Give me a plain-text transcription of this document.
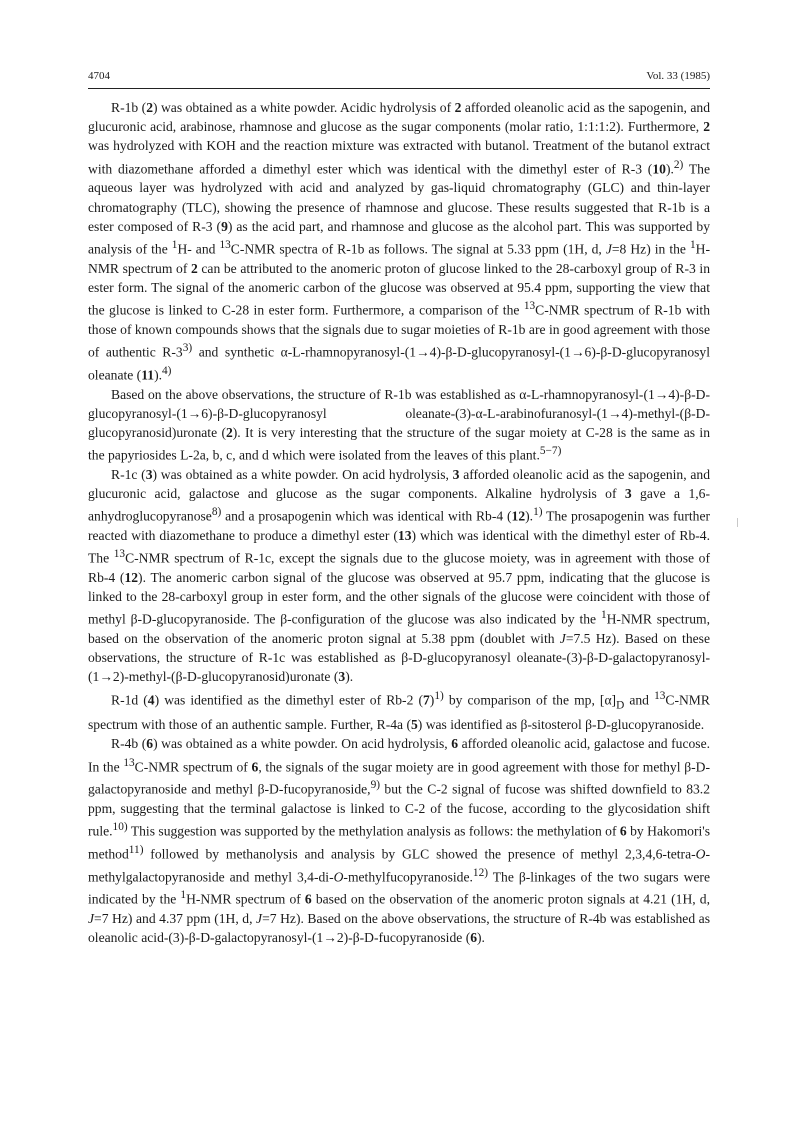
4704	Vol. 33 (1985)

R-1b (2) was obtained as a white powder. Acidic hydrolysis of 2 afforded oleanolic acid as the sapogenin, and glucuronic acid, arabinose, rhamnose and glucose as the sugar components (molar ratio, 1:1:1:2). Furthermore, 2 was hydrolyzed with KOH and the reaction mixture was extracted with butanol. Treatment of the butanol extract with diazomethane afforded a dimethyl ester which was identical with the dimethyl ester of R-3 (10).$^{2)}$ The aqueous layer was hydrolyzed with acid and analyzed by gas-liquid chromatography (GLC) and thin-layer chromatography (TLC), showing the presence of rhamnose and glucose. These results suggested that R-1b is a ester composed of R-3 (9) as the acid part, and rhamnose and glucose as the alcohol part. This was supported by analysis of the $^1$H- and $^{13}$C-NMR spectra of R-1b as follows. The signal at 5.33 ppm (1H, d, J=8 Hz) in the $^1$H-NMR spectrum of 2 can be attributed to the anomeric proton of glucose linked to the 28-carboxyl group of R-3 in ester form. The signal of the anomeric carbon of the glucose was observed at 95.4 ppm, supporting the view that the glucose is linked to C-28 in ester form. Furthermore, a comparison of the $^{13}$C-NMR spectrum of R-1b with those of known compounds shows that the signals due to sugar moieties of R-1b are in good agreement with those of authentic R-3$^{3)}$ and synthetic α-L-rhamnopyranosyl-(1→4)-β-D-glucopyranosyl-(1→6)-β-D-glucopyranosyl oleanate (11).$^{4)}$

Based on the above observations, the structure of R-1b was established as α-L-rhamnopyranosyl-(1→4)-β-D-glucopyranosyl-(1→6)-β-D-glucopyranosyl oleanate-(3)-α-L-arabinofuranosyl-(1→4)-methyl-(β-D-glucopyranosid)uronate (2). It is very interesting that the structure of the sugar moiety at C-28 is the same as in the papyriosides L-2a, b, c, and d which were isolated from the leaves of this plant.$^{5-7)}$

R-1c (3) was obtained as a white powder. On acid hydrolysis, 3 afforded oleanolic acid as the sapogenin, and glucuronic acid, galactose and glucose as the sugar components. Alkaline hydrolysis of 3 gave a 1,6-anhydroglucopyranose$^{8)}$ and a prosapogenin which was identical with Rb-4 (12).$^{1)}$ The prosapogenin was further reacted with diazomethane to produce a dimethyl ester (13) which was identical with the dimethyl ester of Rb-4. The $^{13}$C-NMR spectrum of R-1c, except the signals due to the glucose moiety, was in agreement with those of Rb-4 (12). The anomeric carbon signal of the glucose was observed at 95.7 ppm, indicating that the glucose is linked to the 28-carboxyl group in ester form, and the other signals of the glucose were coincident with those of methyl β-D-glucopyranoside. The β-configuration of the glucose was also indicated by the $^1$H-NMR spectrum, based on the observation of the anomeric proton signal at 5.38 ppm (doublet with J=7.5 Hz). Based on these observations, the structure of R-1c was established as β-D-glucopyranosyl oleanate-(3)-β-D-galactopyranosyl-(1→2)-methyl-(β-D-glucopyranosid)uronate (3).

R-1d (4) was identified as the dimethyl ester of Rb-2 $(7)^{1)}$ by comparison of the mp, $[\alpha]_D$ and $^{13}$C-NMR spectrum with those of an authentic sample. Further, R-4a (5) was identified as β-sitosterol β-D-glucopyranoside.

R-4b (6) was obtained as a white powder. On acid hydrolysis, 6 afforded oleanolic acid, galactose and fucose. In the $^{13}$C-NMR spectrum of 6, the signals of the sugar moiety are in good agreement with those for methyl β-D-galactopyranoside and methyl β-D-fucopyranoside,$^{9)}$ but the C-2 signal of fucose was shifted downfield to 83.2 ppm, suggesting that the terminal galactose is linked to C-2 of the fucose, according to the glycosidation shift rule.$^{10)}$ This suggestion was supported by the methylation analysis as follows: the methylation of 6 by Hakomori's method$^{11)}$ followed by methanolysis and analysis by GLC showed the presence of methyl 2,3,4,6-tetra-O-methylgalactopyranoside and methyl 3,4-di-O-methylfucopyranoside.$^{12)}$ The β-linkages of the two sugars were indicated by the $^1$H-NMR spectrum of 6 based on the observation of the anomeric proton signals at 4.21 (1H, d, J=7 Hz) and 4.37 ppm (1H, d, J=7 Hz). Based on the above observations, the structure of R-4b was established as oleanolic acid-(3)-β-D-galactopyranosyl-(1→2)-β-D-fucopyranoside (6).
